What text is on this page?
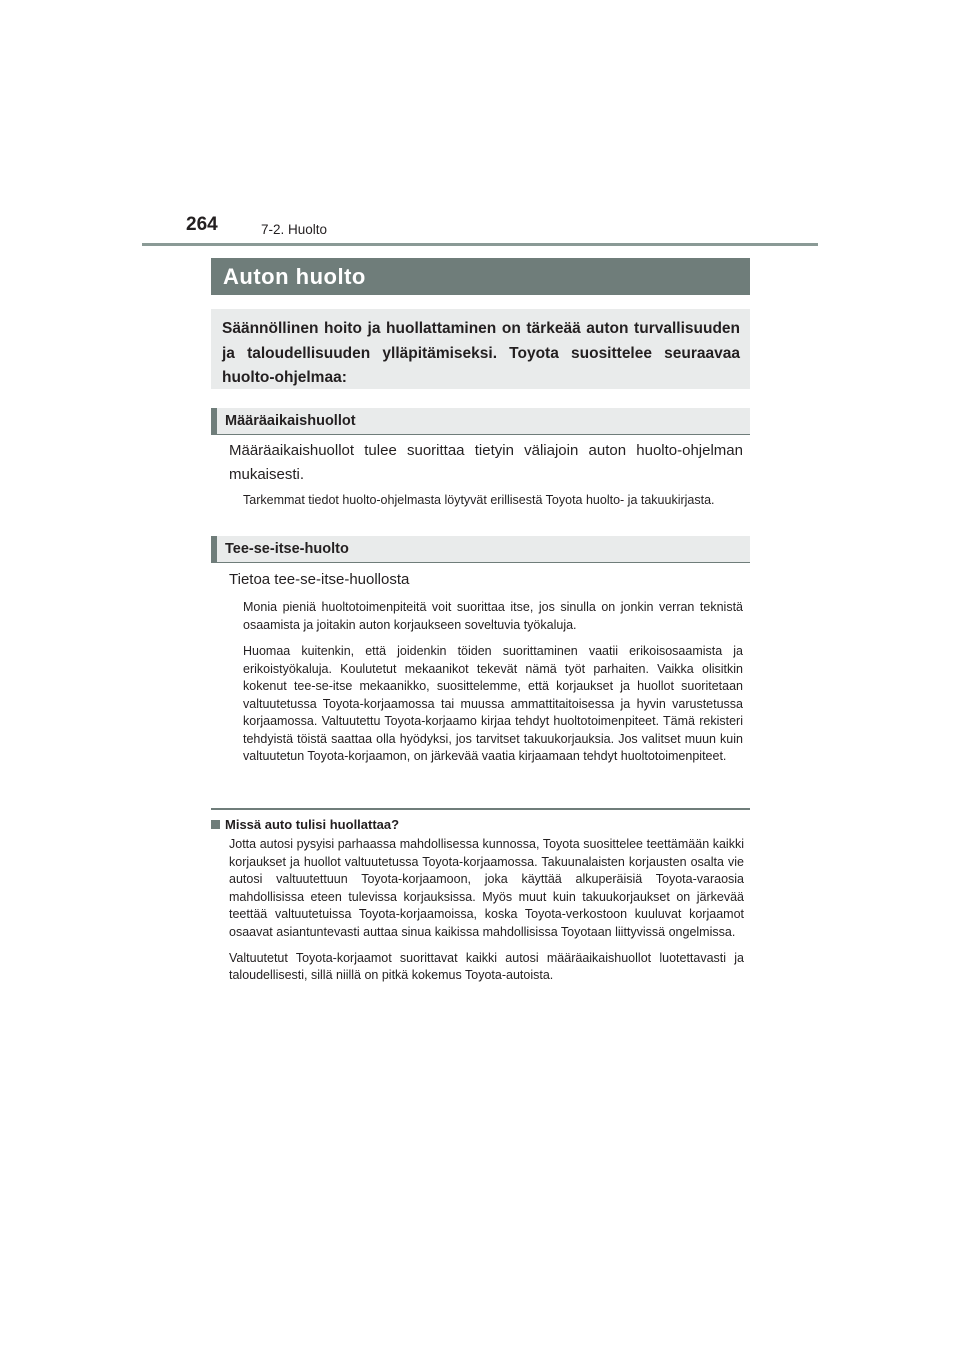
264	7-2. Huolto
Auton huolto
Säännöllinen hoito ja huollattaminen on tärkeää auton turvallisuuden ja taloudellisuuden ylläpitämiseksi. Toyota suosittelee seuraavaa huolto-ohjelmaa:
Määräaikaishuollot
Määräaikaishuollot tulee suorittaa tietyin väliajoin auton huolto-ohjelman mukaisesti.

Tarkemmat tiedot huolto-ohjelmasta löytyvät erillisestä Toyota huolto- ja takuukirjasta.

Tee-se-itse-huolto
Tietoa tee-se-itse-huollosta

Monia pieniä huoltotoimenpiteitä voit suorittaa itse, jos sinulla on jonkin verran teknistä osaamista ja joitakin auton korjaukseen soveltuvia työkaluja.

Huomaa kuitenkin, että joidenkin töiden suorittaminen vaatii erikoisosaamista ja erikoistyökaluja. Koulutetut mekaanikot tekevät nämä työt parhaiten. Vaikka olisitkin kokenut tee-se-itse mekaanikko, suosittelemme, että korjaukset ja huollot suoritetaan valtuutetussa Toyota-korjaamossa tai muussa ammattitaitoisessa ja hyvin varustetussa korjaamossa. Valtuutettu Toyota-korjaamo kirjaa tehdyt huoltotoimenpiteet. Tämä rekisteri tehdyistä töistä saattaa olla hyödyksi, jos tarvitset takuukorjauksia. Jos valitset muun kuin valtuutetun Toyota-korjaamon, on järkevää vaatia kirjaamaan tehdyt huoltotoimenpiteet.

Missä auto tulisi huollattaa?

Jotta autosi pysyisi parhaassa mahdollisessa kunnossa, Toyota suosittelee teettämään kaikki korjaukset ja huollot valtuutetussa Toyota-korjaamossa. Takuunalaisten korjausten osalta vie autosi valtuutettuun Toyota-korjaamoon, joka käyttää alkuperäisiä Toyota-varaosia mahdollisissa eteen tulevissa korjauksissa. Myös muut kuin takuukorjaukset on järkevää teettää valtuutetuissa Toyota-korjaamoissa, koska Toyota-verkostoon kuuluvat korjaamot osaavat asiantuntevasti auttaa sinua kaikissa mahdollisissa Toyotaan liittyvissä ongelmissa.

Valtuutetut Toyota-korjaamot suorittavat kaikki autosi määräaikaishuollot luotettavasti ja taloudellisesti, sillä niillä on pitkä kokemus Toyota-autoista.
